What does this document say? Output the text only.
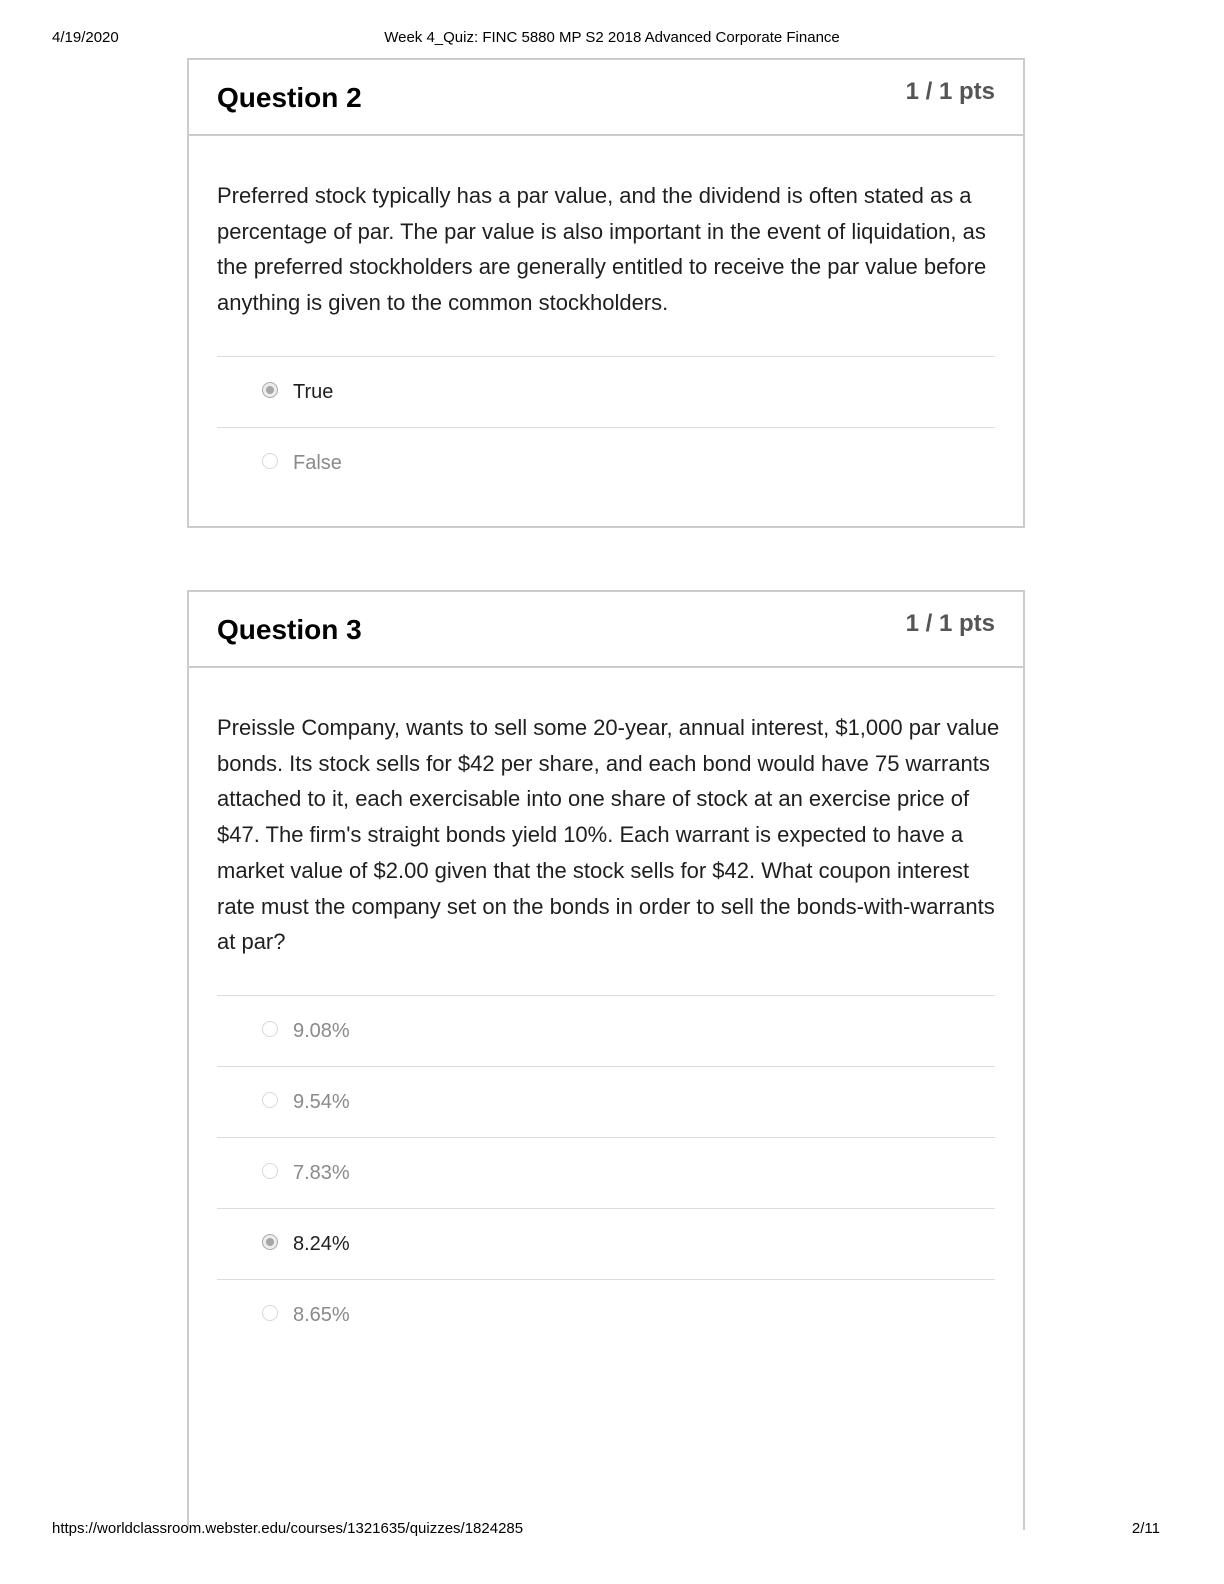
4/19/2020	Week 4_Quiz: FINC 5880 MP S2 2018 Advanced Corporate Finance
Question 2	1 / 1 pts

Preferred stock typically has a par value, and the dividend is often stated as a percentage of par. The par value is also important in the event of liquidation, as the preferred stockholders are generally entitled to receive the par value before anything is given to the common stockholders.

True
False
Question 3	1 / 1 pts

Preissle Company, wants to sell some 20-year, annual interest, $1,000 par value bonds. Its stock sells for $42 per share, and each bond would have 75 warrants attached to it, each exercisable into one share of stock at an exercise price of $47. The firm's straight bonds yield 10%. Each warrant is expected to have a market value of $2.00 given that the stock sells for $42. What coupon interest rate must the company set on the bonds in order to sell the bonds-with-warrants at par?

9.08%
9.54%
7.83%
8.24%
8.65%
https://worldclassroom.webster.edu/courses/1321635/quizzes/1824285	2/11
